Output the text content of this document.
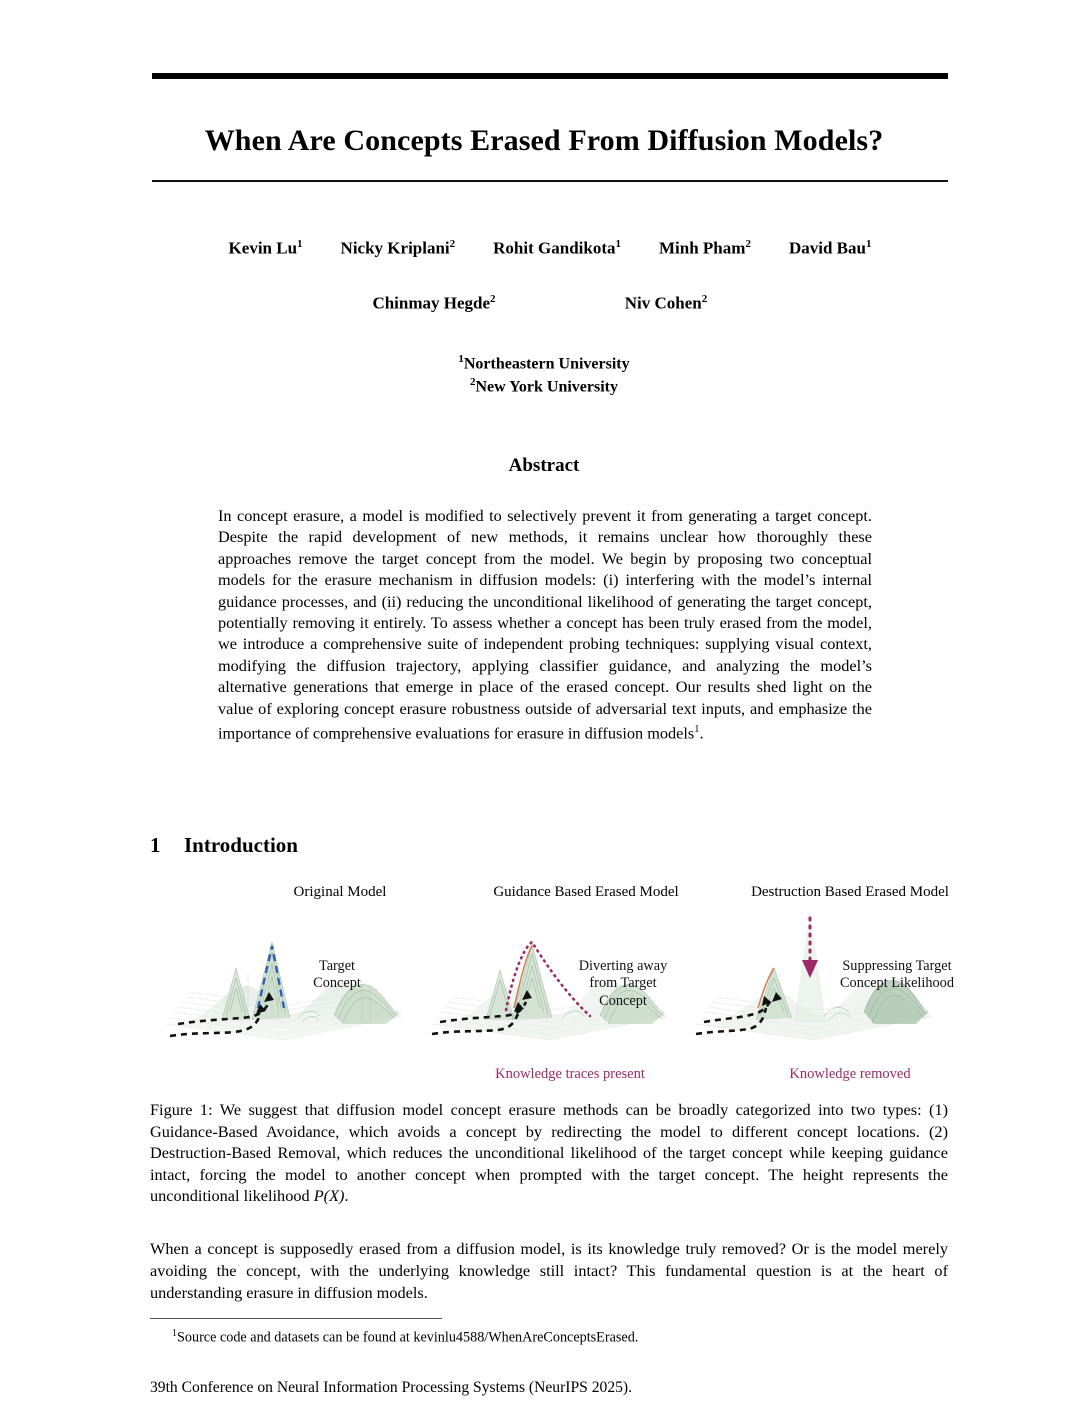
When Are Concepts Erased From Diffusion Models?
Kevin Lu$^1$ Nicky Kriplani$^2$ Rohit Gandikota$^1$ Minh Pham$^2$ David Bau$^1$
Chinmay Hegde$^2$	Niv Cohen$^2$
$^1$Northeastern University
$^2$New York University
Abstract
In concept erasure, a model is modified to selectively prevent it from generating a target concept. Despite the rapid development of new methods, it remains unclear how thoroughly these approaches remove the target concept from the model. We begin by proposing two conceptual models for the erasure mechanism in diffusion models: (i) interfering with the model’s internal guidance processes, and (ii) reducing the unconditional likelihood of generating the target concept, potentially removing it entirely. To assess whether a concept has been truly erased from the model, we introduce a comprehensive suite of independent probing techniques: supplying visual context, modifying the diffusion trajectory, applying classifier guidance, and analyzing the model’s alternative generations that emerge in place of the erased concept. Our results shed light on the value of exploring concept erasure robustness outside of adversarial text inputs, and emphasize the importance of comprehensive evaluations for erasure in diffusion models$^1$.
1 Introduction
Original Model	Guidance Based Erased Model	Destruction Based Erased Model
Target Concept
Diverting away from Target Concept
Suppressing Target Concept Likelihood
Knowledge traces present	Knowledge removed
Figure 1: We suggest that diffusion model concept erasure methods can be broadly categorized into two types: (1) Guidance-Based Avoidance, which avoids a concept by redirecting the model to different concept locations. (2) Destruction-Based Removal, which reduces the unconditional likelihood of the target concept while keeping guidance intact, forcing the model to another concept when prompted with the target concept. The height represents the unconditional likelihood P(X).
When a concept is supposedly erased from a diffusion model, is its knowledge truly removed? Or is the model merely avoiding the concept, with the underlying knowledge still intact? This fundamental question is at the heart of understanding erasure in diffusion models.
$^1$Source code and datasets can be found at kevinlu4588/WhenAreConceptsErased.
39th Conference on Neural Information Processing Systems (NeurIPS 2025).
